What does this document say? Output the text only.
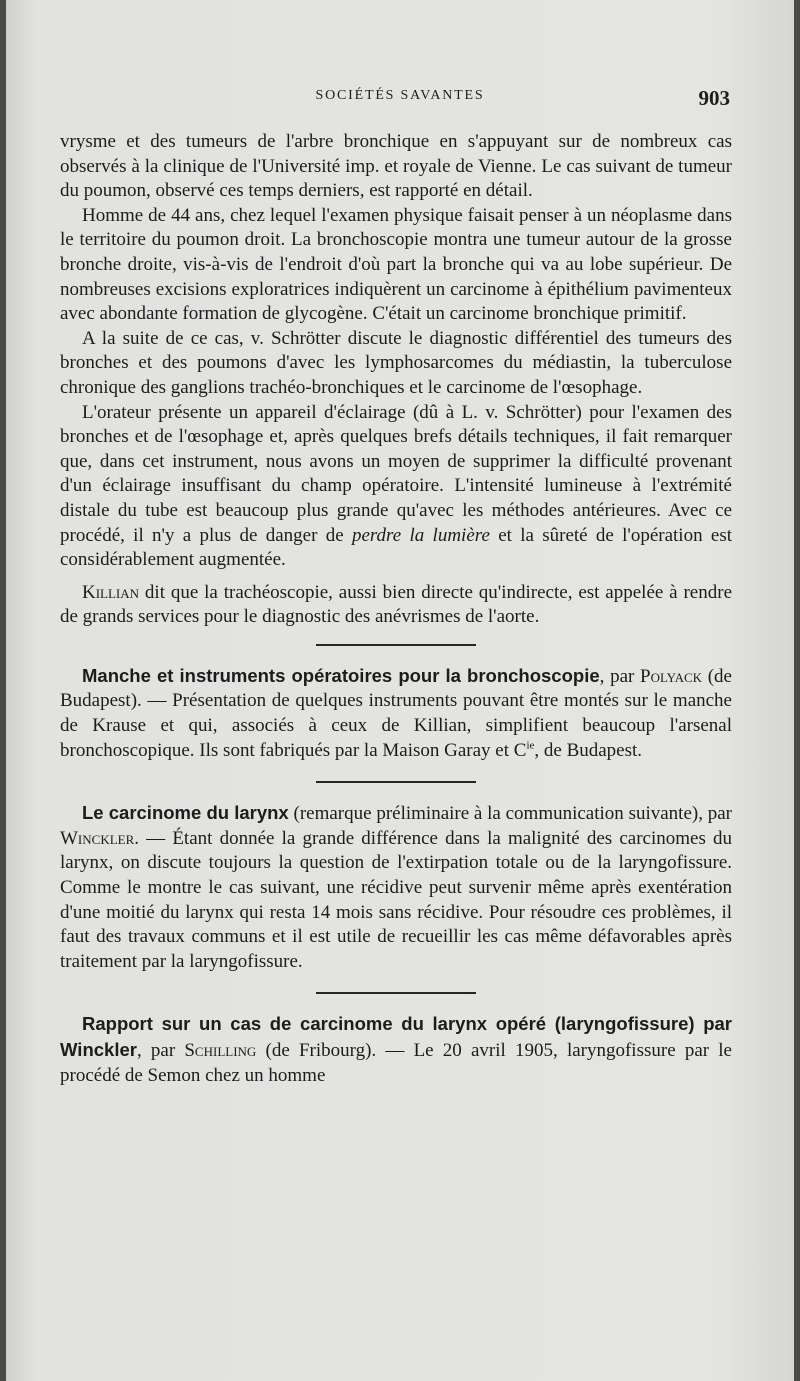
SOCIÉTÉS SAVANTES	903

vrysme et des tumeurs de l'arbre bronchique en s'appuyant sur de nombreux cas observés à la clinique de l'Université imp. et royale de Vienne. Le cas suivant de tumeur du poumon, observé ces temps derniers, est rapporté en détail.

Homme de 44 ans, chez lequel l'examen physique faisait penser à un néoplasme dans le territoire du poumon droit. La bronchoscopie montra une tumeur autour de la grosse bronche droite, vis-à-vis de l'endroit d'où part la bronche qui va au lobe supérieur. De nombreuses excisions exploratrices indiquèrent un carcinome à épithélium pavimenteux avec abondante formation de glycogène. C'était un carcinome bronchique primitif.

A la suite de ce cas, v. Schrötter discute le diagnostic différentiel des tumeurs des bronches et des poumons d'avec les lymphosarcomes du médiastin, la tuberculose chronique des ganglions trachéo-bronchiques et le carcinome de l'œsophage.

L'orateur présente un appareil d'éclairage (dû à L. v. Schrötter) pour l'examen des bronches et de l'œsophage et, après quelques brefs détails techniques, il fait remarquer que, dans cet instrument, nous avons un moyen de supprimer la difficulté provenant d'un éclairage insuffisant du champ opératoire. L'intensité lumineuse à l'extrémité distale du tube est beaucoup plus grande qu'avec les méthodes antérieures. Avec ce procédé, il n'y a plus de danger de perdre la lumière et la sûreté de l'opération est considérablement augmentée.

Killian dit que la trachéoscopie, aussi bien directe qu'indirecte, est appelée à rendre de grands services pour le diagnostic des anévrismes de l'aorte.

Manche et instruments opératoires pour la bronchoscopie, par Polyack (de Budapest). — Présentation de quelques instruments pouvant être montés sur le manche de Krause et qui, associés à ceux de Killian, simplifient beaucoup l'arsenal bronchoscopique. Ils sont fabriqués par la Maison Garay et $C^{ie}$, de Budapest.

Le carcinome du larynx (remarque préliminaire à la communication suivante), par Winckler. — Étant donnée la grande différence dans la malignité des carcinomes du larynx, on discute toujours la question de l'extirpation totale ou de la laryngofissure. Comme le montre le cas suivant, une récidive peut survenir même après exentération d'une moitié du larynx qui resta 14 mois sans récidive. Pour résoudre ces problèmes, il faut des travaux communs et il est utile de recueillir les cas même défavorables après traitement par la laryngofissure.

Rapport sur un cas de carcinome du larynx opéré (laryngofissure) par Winckler, par Schilling (de Fribourg). — Le 20 avril 1905, laryngofissure par le procédé de Semon chez un homme
